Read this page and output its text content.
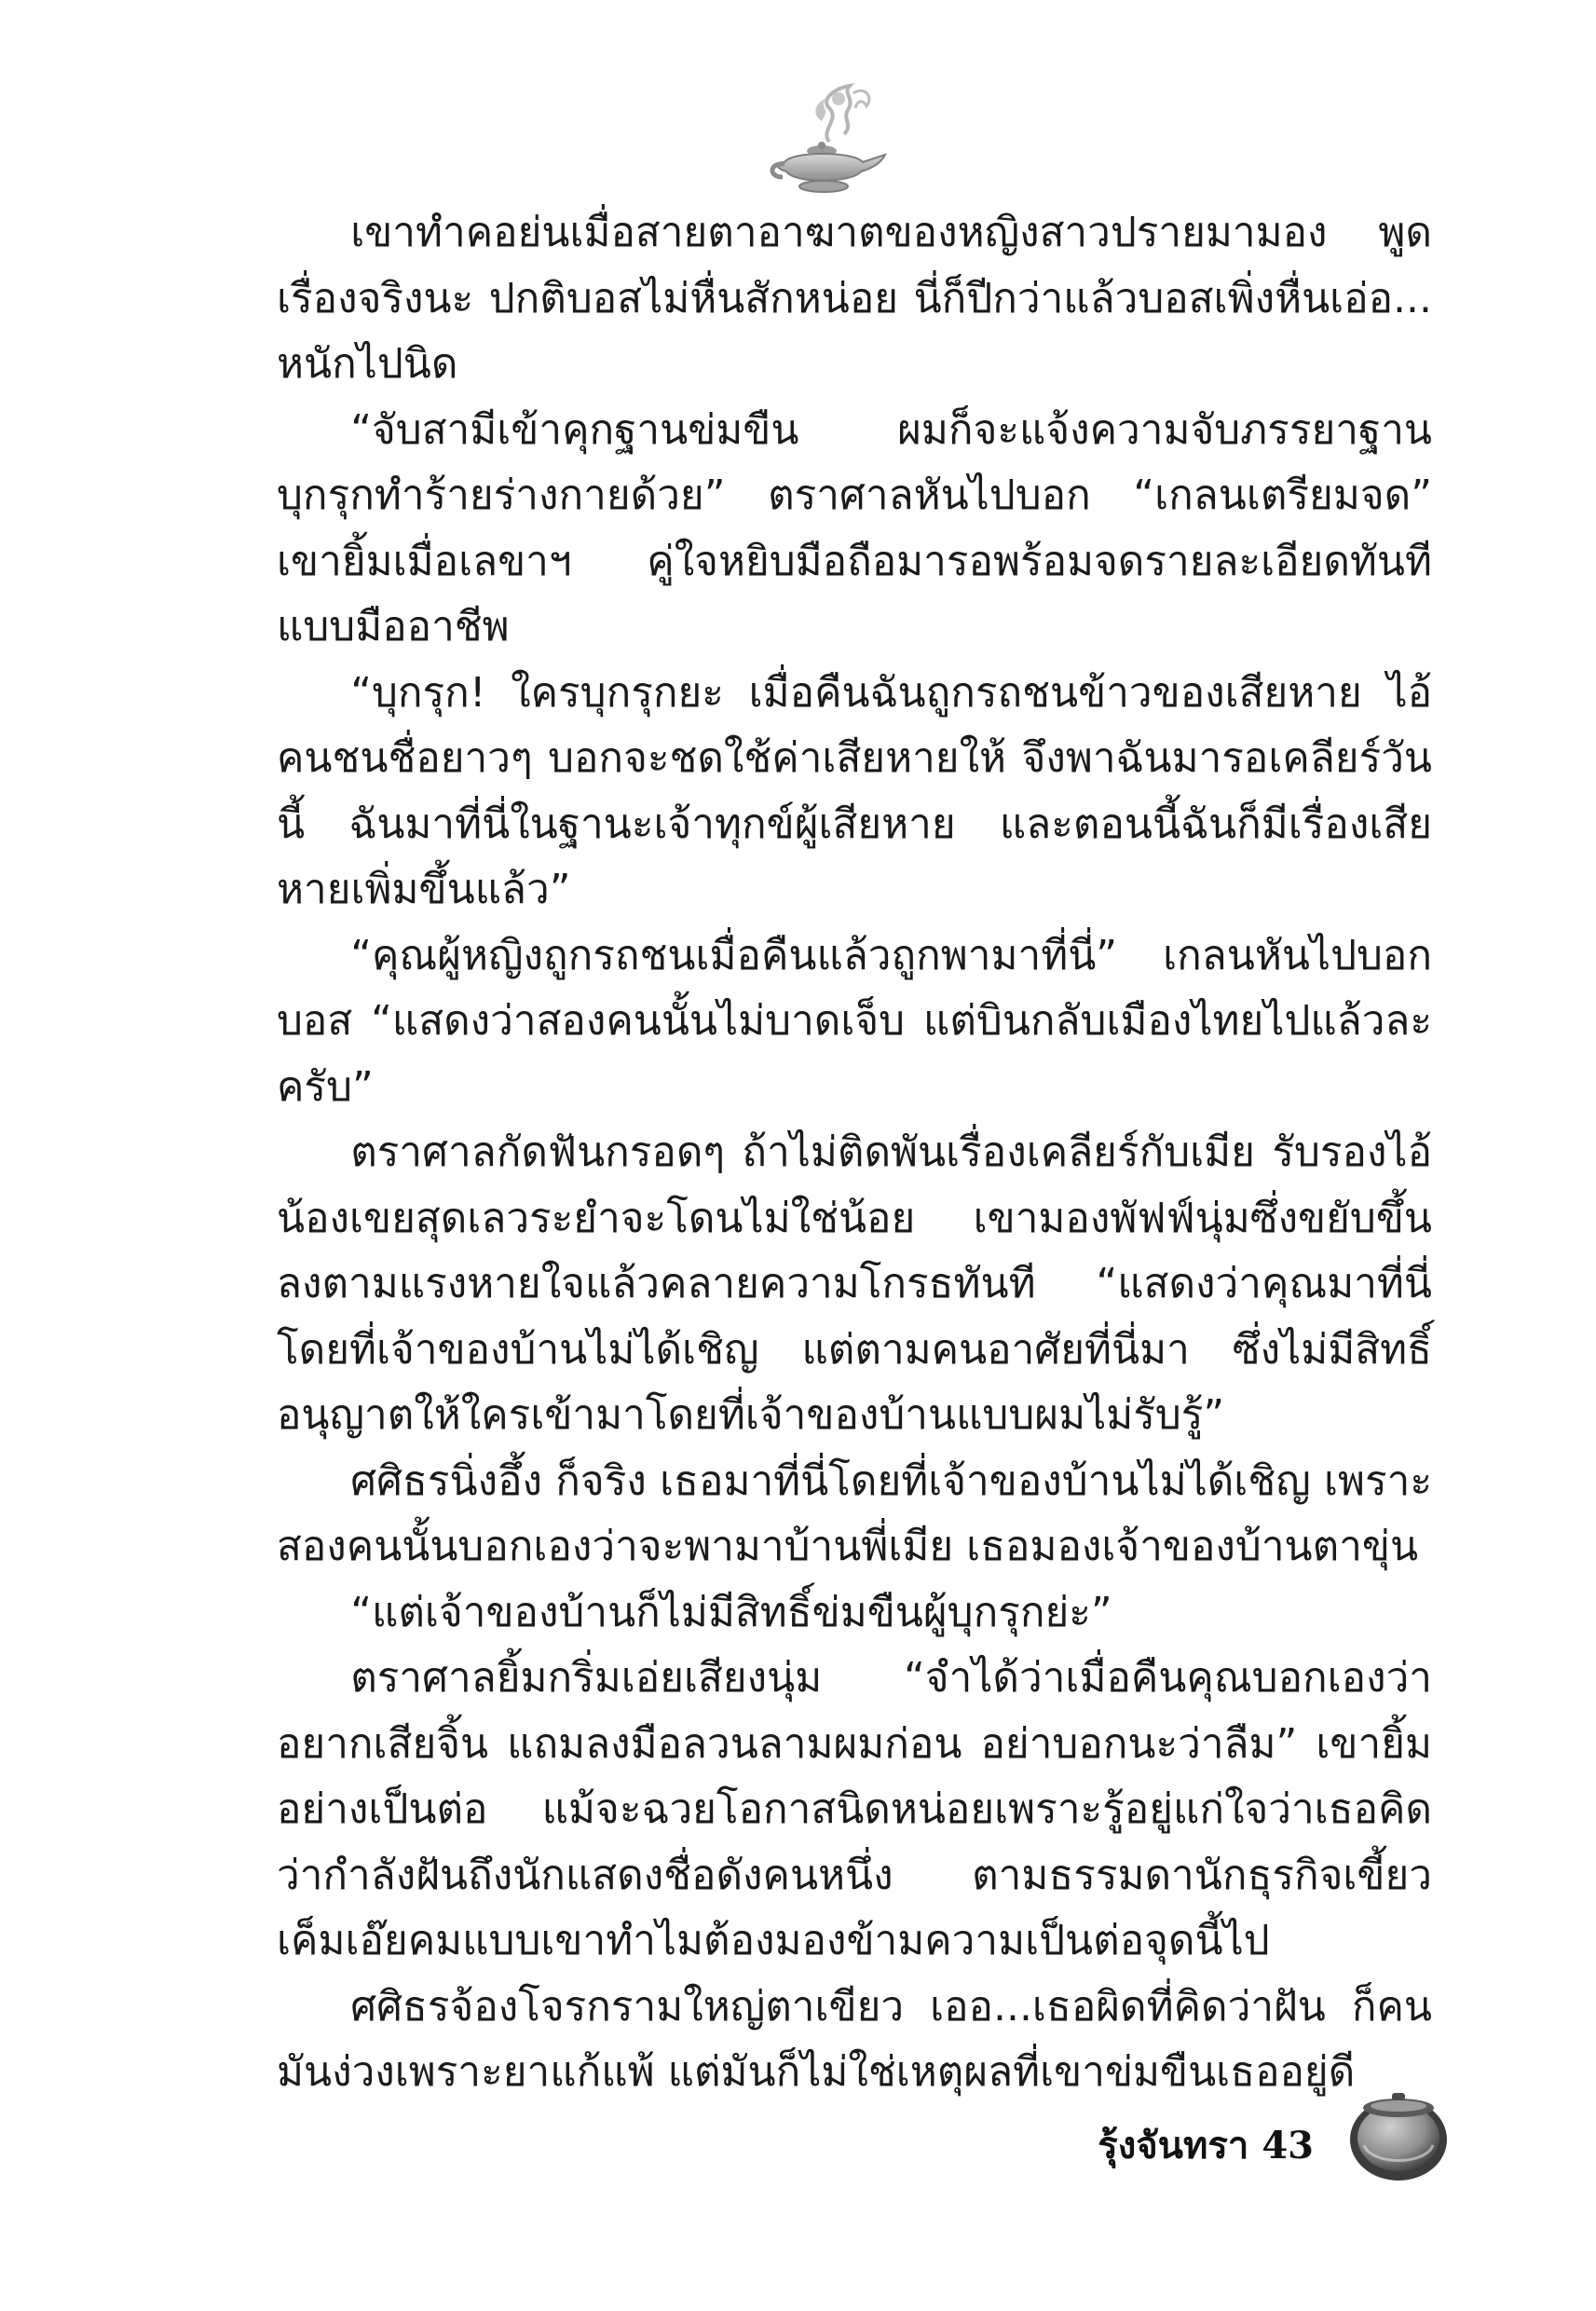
เขาทำคอย่นเมื่อสายตาอาฆาตของหญิงสาวปรายมามอง พูดเรื่องจริงนะ ปกติบอสไม่หื่นสักหน่อย นี่ก็ปีกว่าแล้วบอสเพิ่งหื่นเอ่อ... หนักไปนิด

“จับสามีเข้าคุกฐานข่มขืน ผมก็จะแจ้งความจับภรรยาฐานบุกรุกทำร้ายร่างกายด้วย” ตราศาลหันไปบอก “เกลนเตรียมจด” เขายิ้มเมื่อเลขาฯ คู่ใจหยิบมือถือมารอพร้อมจดรายละเอียดทันทีแบบมืออาชีพ

“บุกรุก! ใครบุกรุกยะ เมื่อคืนฉันถูกรถชนข้าวของเสียหาย ไอ้คนชนชื่อยาวๆ บอกจะชดใช้ค่าเสียหายให้ จึงพาฉันมารอเคลียร์วันนี้ ฉันมาที่นี่ในฐานะเจ้าทุกข์ผู้เสียหาย และตอนนี้ฉันก็มีเรื่องเสียหายเพิ่มขึ้นแล้ว”

“คุณผู้หญิงถูกรถชนเมื่อคืนแล้วถูกพามาที่นี่” เกลนหันไปบอกบอส “แสดงว่าสองคนนั้นไม่บาดเจ็บ แต่บินกลับเมืองไทยไปแล้วละครับ”

ตราศาลกัดฟันกรอดๆ ถ้าไม่ติดพันเรื่องเคลียร์กับเมีย รับรองไอ้น้องเขยสุดเลวระยำจะโดนไม่ใช่น้อย เขามองพัฟฟ์นุ่มซึ่งขยับขึ้นลงตามแรงหายใจแล้วคลายความโกรธทันที “แสดงว่าคุณมาที่นี่โดยที่เจ้าของบ้านไม่ได้เชิญ แต่ตามคนอาศัยที่นี่มา ซึ่งไม่มีสิทธิ์อนุญาตให้ใครเข้ามาโดยที่เจ้าของบ้านแบบผมไม่รับรู้”

ศศิธรนิ่งอึ้ง ก็จริง เธอมาที่นี่โดยที่เจ้าของบ้านไม่ได้เชิญ เพราะสองคนนั้นบอกเองว่าจะพามาบ้านพี่เมีย เธอมองเจ้าของบ้านตาขุ่น

“แต่เจ้าของบ้านก็ไม่มีสิทธิ์ข่มขืนผู้บุกรุกย่ะ”

ตราศาลยิ้มกริ่มเอ่ยเสียงนุ่ม “จำได้ว่าเมื่อคืนคุณบอกเองว่าอยากเสียจิ้น แถมลงมือลวนลามผมก่อน อย่าบอกนะว่าลืม” เขายิ้มอย่างเป็นต่อ แม้จะฉวยโอกาสนิดหน่อยเพราะรู้อยู่แก่ใจว่าเธอคิดว่ากำลังฝันถึงนักแสดงชื่อดังคนหนึ่ง ตามธรรมดานักธุรกิจเขี้ยวเค็มเอ๊ยคมแบบเขาทำไมต้องมองข้ามความเป็นต่อจุดนี้ไป

ศศิธรจ้องโจรกรามใหญ่ตาเขียว เออ...เธอผิดที่คิดว่าฝัน ก็คนมันง่วงเพราะยาแก้แพ้ แต่มันก็ไม่ใช่เหตุผลที่เขาข่มขืนเธออยู่ดี

รุ้งจันทรา 43
